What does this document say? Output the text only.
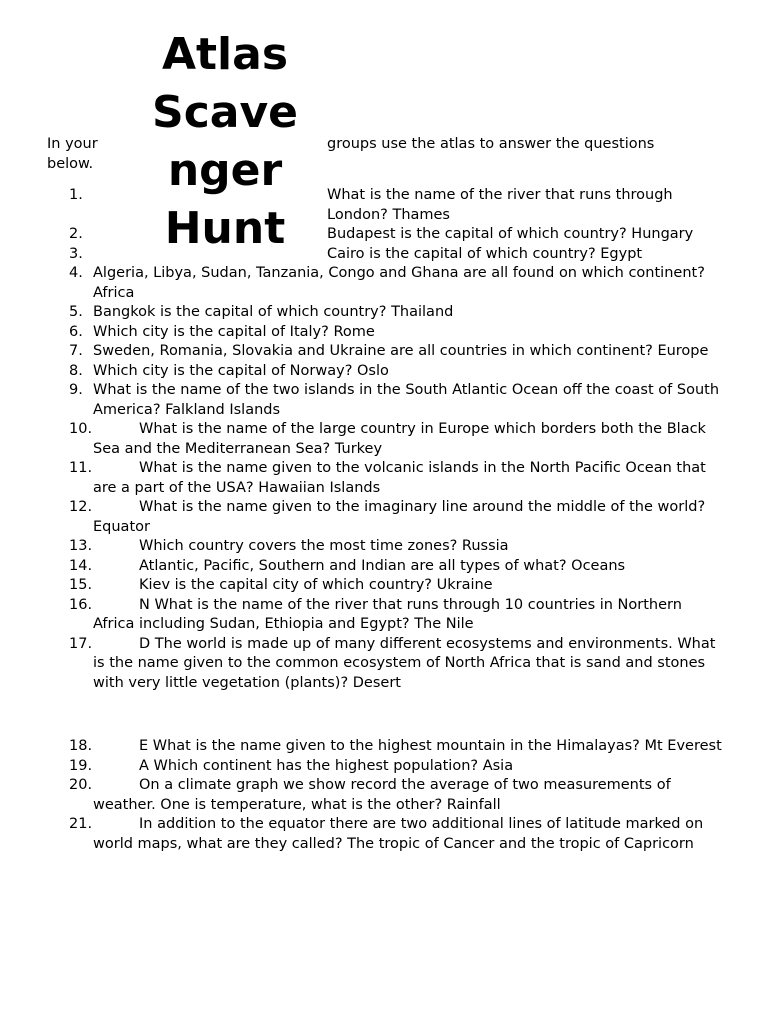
Atlas
Scave
nger
Hunt
In your below.
groups use the atlas to answer the questions
1.	What is the name of the river that runs through London? Thames
2.	Budapest is the capital of which country? Hungary
3.	Cairo is the capital of which country? Egypt
4. Algeria, Libya, Sudan, Tanzania, Congo and Ghana are all found on which continent? Africa
5. Bangkok is the capital of which country? Thailand
6. Which city is the capital of Italy? Rome
7. Sweden, Romania, Slovakia and Ukraine are all countries in which continent? Europe
8. Which city is the capital of Norway? Oslo
9. What is the name of the two islands in the South Atlantic Ocean off the coast of South America? Falkland Islands
10.	What is the name of the large country in Europe which borders both the Black Sea and the Mediterranean Sea? Turkey
11.	What is the name given to the volcanic islands in the North Pacific Ocean that are a part of the USA? Hawaiian Islands
12.	What is the name given to the imaginary line around the middle of the world? Equator
13.	Which country covers the most time zones? Russia
14.	Atlantic, Pacific, Southern and Indian are all types of what? Oceans
15.	Kiev is the capital city of which country? Ukraine
16.	N What is the name of the river that runs through 10 countries in Northern Africa including Sudan, Ethiopia and Egypt? The Nile
17.	D The world is made up of many different ecosystems and environments. What is the name given to the common ecosystem of North Africa that is sand and stones with very little vegetation (plants)? Desert
18.	E What is the name given to the highest mountain in the Himalayas? Mt Everest
19.	A Which continent has the highest population? Asia
20.	On a climate graph we show record the average of two measurements of weather. One is temperature, what is the other? Rainfall
21.	In addition to the equator there are two additional lines of latitude marked on world maps, what are they called? The tropic of Cancer and the tropic of Capricorn
